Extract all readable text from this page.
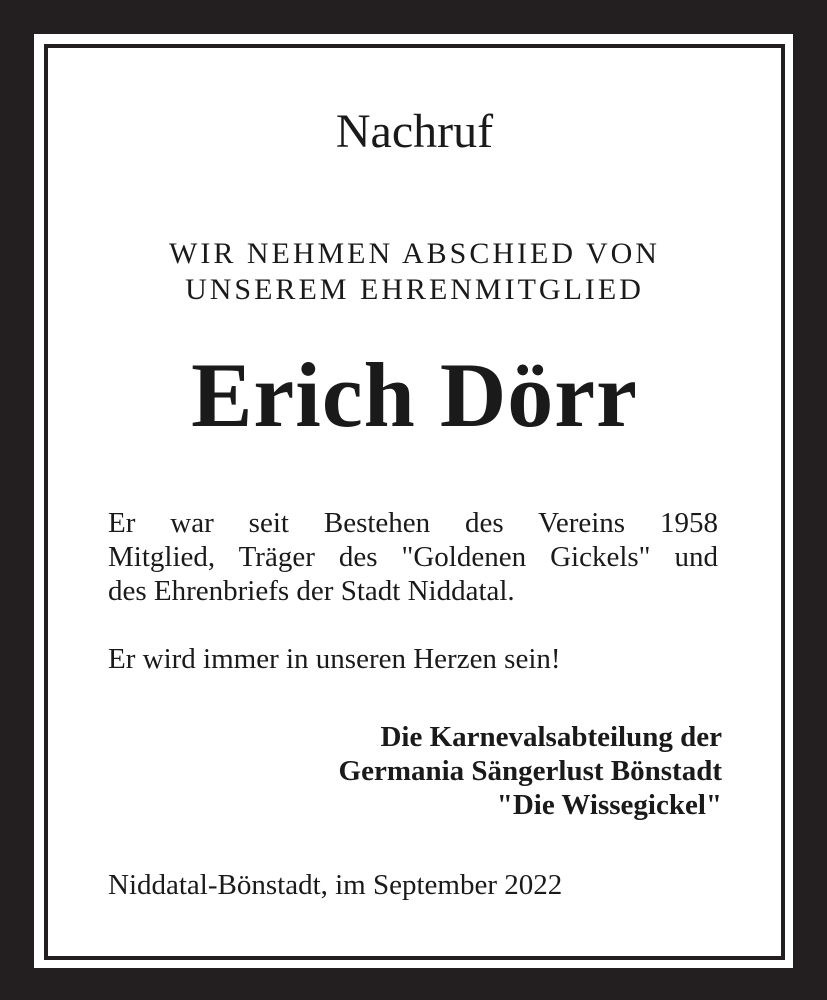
Nachruf
WIR NEHMEN ABSCHIED VON
UNSEREM EHRENMITGLIED
Erich Dörr
Er war seit Bestehen des Vereins 1958
Mitglied, Träger des "Goldenen Gickels" und
des Ehrenbriefs der Stadt Niddatal.
Er wird immer in unseren Herzen sein!
Die Karnevalsabteilung der
Germania Sängerlust Bönstadt
"Die Wissegickel"
Niddatal-Bönstadt, im September 2022
